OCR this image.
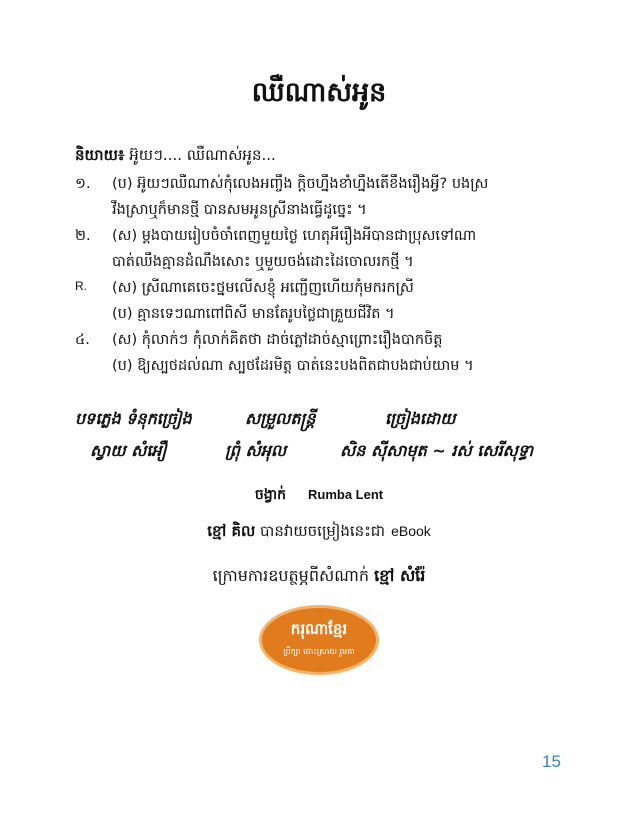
ឈឺណាស់អូន
និយាយ៖ អ៊ូយៗ.... ឈឺណាស់អូន...
១.	(ប) អ៊ូយៗឈឺណាស់កុំលេងអញ្ចឹង ក្ដិចហ្នឹងខាំហ្នឹងតើខឹងរឿងអ្វី? បងស្រ
វឹងស្រាឬក៏មានថ្មី បានសមអូនស្រីនាងធ្វើដូច្នេះ ។
២.	(ស) ម្ដងបាយរៀបចំចាំពេញមួយថ្ងៃ ហេតុអីរឿងអីបានជាប្រុសទៅណា
បាត់ឈឹងគ្មានដំណឹងសោះ ឬមួយចង់ដោះដៃចោលរកថ្មី ។
R.	(ស) ស្រីណាគេចេះថ្នមលើសខ្ញុំ អញ្ជើញហើយកុំមករកស្រី
(ប) គ្មានទេៗណាពៅពិសី មានតែរូបថ្លៃជាគ្រួយជីវិត ។
៤.	(ស) កុំលាក់ៗ កុំលាក់គិតថា ដាច់ភ្លៅដាច់ស្មាព្រោះរឿងបាកចិត្ត
(ប) ឱ្យស្បថដល់ណា ស្បថដែរមិត្ត បាត់នេះបងពិតជាបងជាប់យាម ។
បទភ្លេង ទំនុកច្រៀង	សម្រួលតន្ត្រី	ច្រៀងដោយ
ស្វាយ សំអឿ	ព្រុំ សំអុល	សិន ស៊ីសាមុត ~ រស់ សេរីសុទ្ធា
ចង្វាក់ Rumba Lent
ខ្មៅ គិល បានវាយចម្រៀងនេះជា eBook
ក្រោមការឧបត្ថម្ភពីសំណាក់ ខ្មៅ សំរ៉ែ
ករុណាខ្មែរ
ប្រឹក្សា ដោះស្រាយ រួមតា
15
